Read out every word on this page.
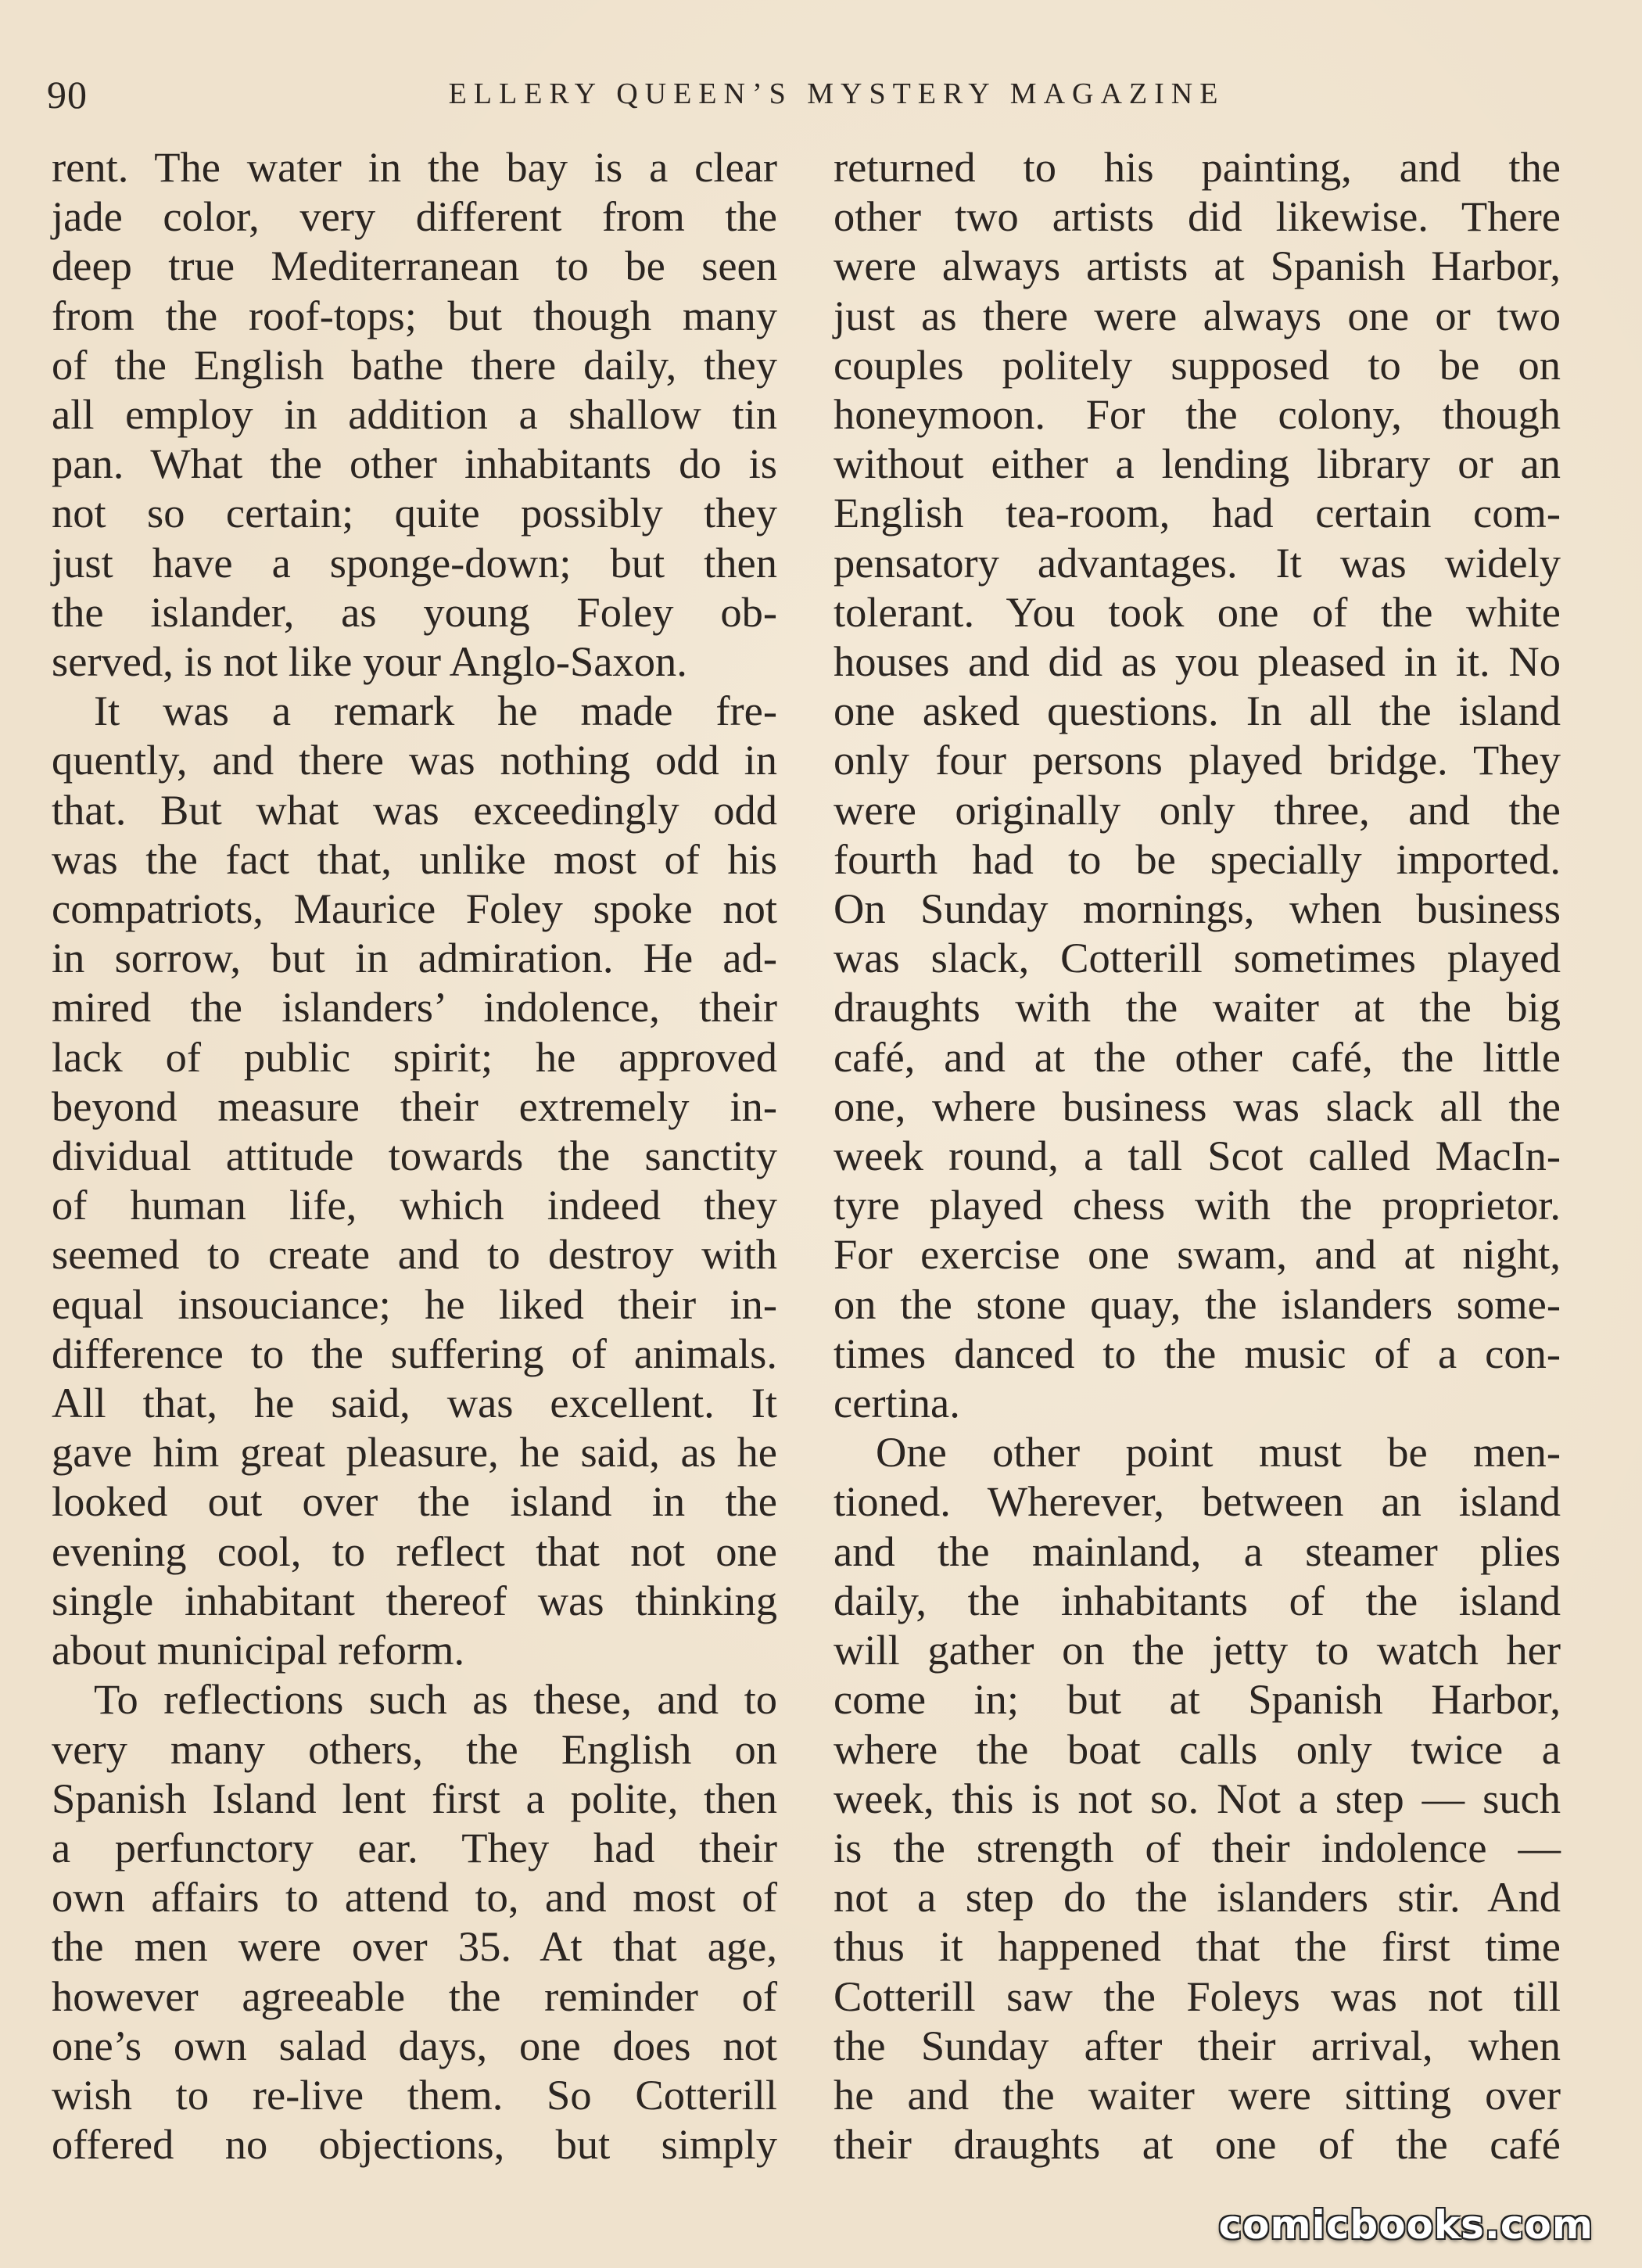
90	ELLERY QUEEN’S MYSTERY MAGAZINE
rent. The water in the bay is a clear
jade color, very different from the
deep true Mediterranean to be seen
from the roof-tops; but though many
of the English bathe there daily, they
all employ in addition a shallow tin
pan. What the other inhabitants do is
not so certain; quite possibly they
just have a sponge-down; but then
the islander, as young Foley ob-
served, is not like your Anglo-Saxon.
It was a remark he made fre-
quently, and there was nothing odd in
that. But what was exceedingly odd
was the fact that, unlike most of his
compatriots, Maurice Foley spoke not
in sorrow, but in admiration. He ad-
mired the islanders’ indolence, their
lack of public spirit; he approved
beyond measure their extremely in-
dividual attitude towards the sanctity
of human life, which indeed they
seemed to create and to destroy with
equal insouciance; he liked their in-
difference to the suffering of animals.
All that, he said, was excellent. It
gave him great pleasure, he said, as he
looked out over the island in the
evening cool, to reflect that not one
single inhabitant thereof was thinking
about municipal reform.
To reflections such as these, and to
very many others, the English on
Spanish Island lent first a polite, then
a perfunctory ear. They had their
own affairs to attend to, and most of
the men were over 35. At that age,
however agreeable the reminder of
one’s own salad days, one does not
wish to re-live them. So Cotterill
offered no objections, but simply
returned to his painting, and the
other two artists did likewise. There
were always artists at Spanish Harbor,
just as there were always one or two
couples politely supposed to be on
honeymoon. For the colony, though
without either a lending library or an
English tea-room, had certain com-
pensatory advantages. It was widely
tolerant. You took one of the white
houses and did as you pleased in it. No
one asked questions. In all the island
only four persons played bridge. They
were originally only three, and the
fourth had to be specially imported.
On Sunday mornings, when business
was slack, Cotterill sometimes played
draughts with the waiter at the big
café, and at the other café, the little
one, where business was slack all the
week round, a tall Scot called MacIn-
tyre played chess with the proprietor.
For exercise one swam, and at night,
on the stone quay, the islanders some-
times danced to the music of a con-
certina.
One other point must be men-
tioned. Wherever, between an island
and the mainland, a steamer plies
daily, the inhabitants of the island
will gather on the jetty to watch her
come in; but at Spanish Harbor,
where the boat calls only twice a
week, this is not so. Not a step — such
is the strength of their indolence —
not a step do the islanders stir. And
thus it happened that the first time
Cotterill saw the Foleys was not till
the Sunday after their arrival, when
he and the waiter were sitting over
their draughts at one of the café
comicbooks.com
